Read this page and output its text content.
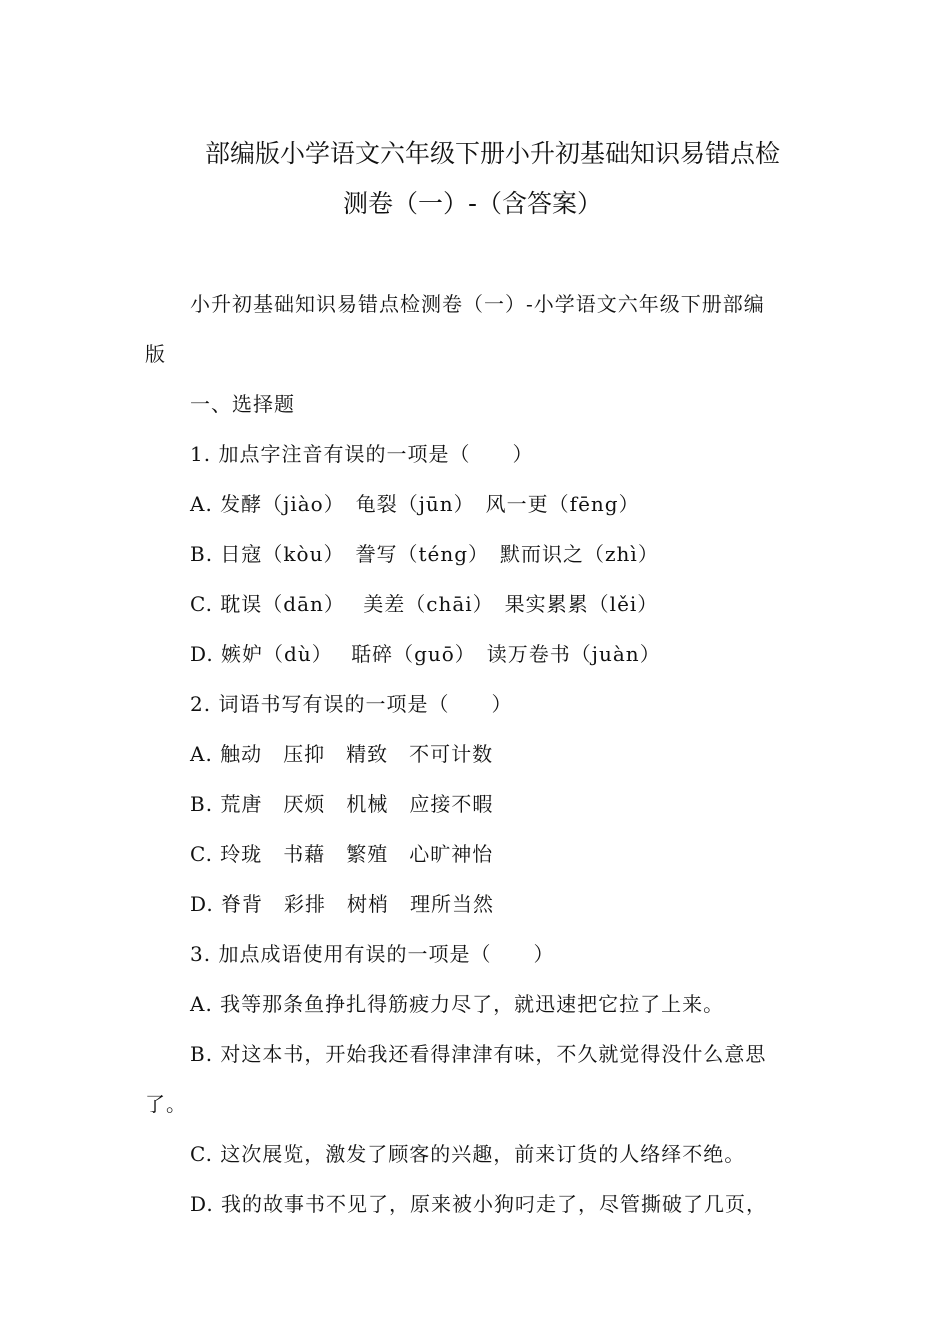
部编版小学语文六年级下册小升初基础知识易错点检
测卷（一）-（含答案）
小升初基础知识易错点检测卷（一）-小学语文六年级下册部编
版
一、选择题
1. 加点字注音有误的一项是（　　）
A. 发酵（jiào）　龟裂（jūn）　风一更（fēng）
B. 日寇（kòu）　誊写（téng）　默而识之（zhì）
C. 耽误（dān）　 美差（chāi）　果实累累（lěi）
D. 嫉妒（dù）　 聒碎（guō）　读万卷书（juàn）
2. 词语书写有误的一项是（　　）
A. 触动　压抑　精致　不可计数
B. 荒唐　厌烦　机械　应接不暇
C. 玲珑　书藉　繁殖　心旷神怡
D. 脊背　彩排　树梢　理所当然
3. 加点成语使用有误的一项是（　　）
A. 我等那条鱼挣扎得筋疲力尽了，就迅速把它拉了上来。
B. 对这本书，开始我还看得津津有味，不久就觉得没什么意思
了。
C. 这次展览，激发了顾客的兴趣，前来订货的人络绎不绝。
D. 我的故事书不见了，原来被小狗叼走了，尽管撕破了几页，
